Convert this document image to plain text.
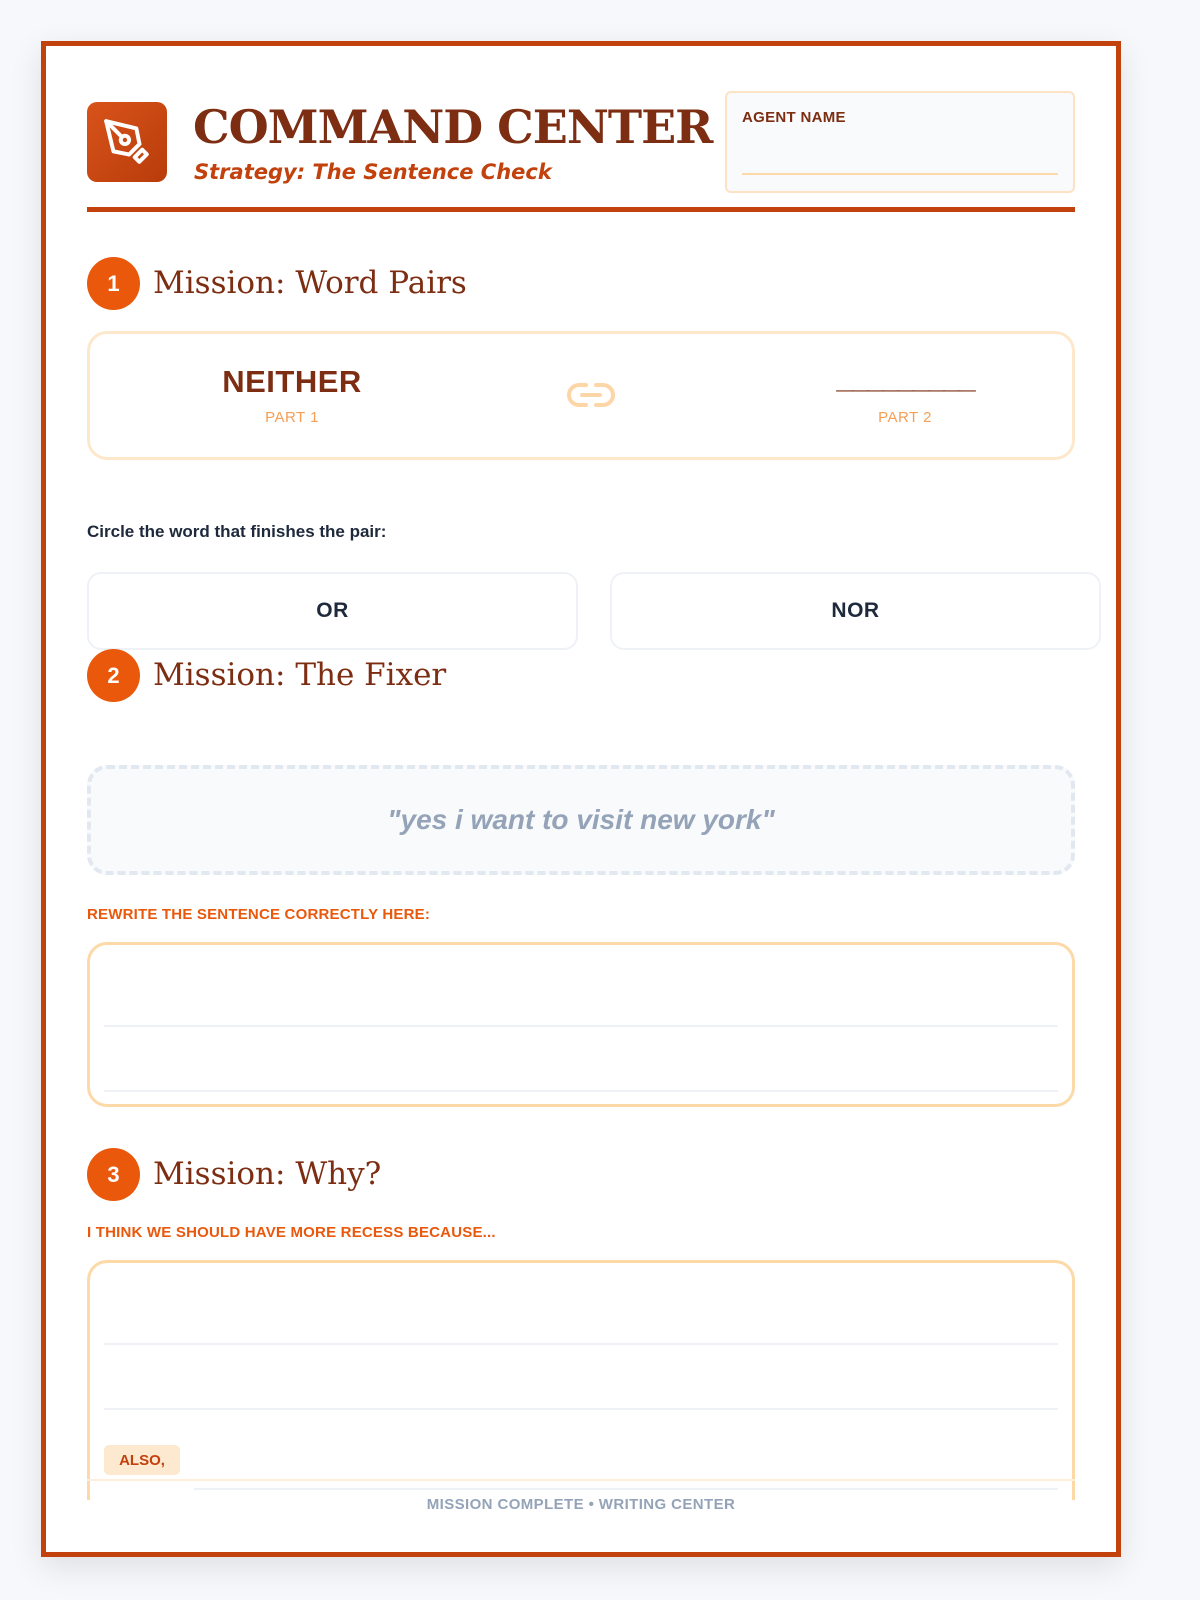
COMMAND CENTER

Strategy: The Sentence Check

AGENT NAME
1	Mission: Word Pairs
NEITHER
PART 1
_________
PART 2

Circle the word that finishes the pair:

OR	NOR
2	Mission: The Fixer
"yes i want to visit new york"

REWRITE THE SENTENCE CORRECTLY HERE:

3	Mission: Why?

I THINK WE SHOULD HAVE MORE RECESS BECAUSE...

ALSO,

MISSION COMPLETE • WRITING CENTER
